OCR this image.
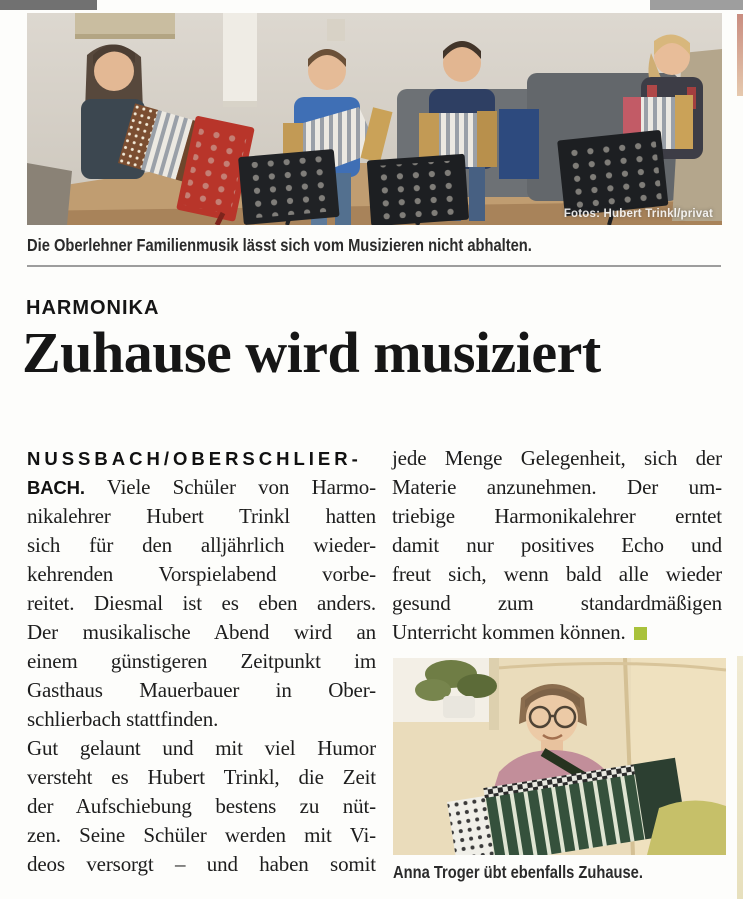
Fotos: Hubert Trinkl/privat
Die Oberlehner Familienmusik lässt sich vom Musizieren nicht abhalten.
HARMONIKA
Zuhause wird musiziert
NUSSBACH/OBERSCHLIER-
BACH. Viele Schüler von Harmo-
nikalehrer Hubert Trinkl hatten
sich für den alljährlich wieder-
kehrenden Vorspielabend vorbe-
reitet. Diesmal ist es eben anders.
Der musikalische Abend wird an
einem günstigeren Zeitpunkt im
Gasthaus Mauerbauer in Ober-
schlierbach stattfinden.
Gut gelaunt und mit viel Humor
versteht es Hubert Trinkl, die Zeit
der Aufschiebung bestens zu nüt-
zen. Seine Schüler werden mit Vi-
deos versorgt – und haben somit
jede Menge Gelegenheit, sich der
Materie anzunehmen. Der um-
triebige Harmonikalehrer erntet
damit nur positives Echo und
freut sich, wenn bald alle wieder
gesund zum standardmäßigen
Unterricht kommen können.
Anna Troger übt ebenfalls Zuhause.
